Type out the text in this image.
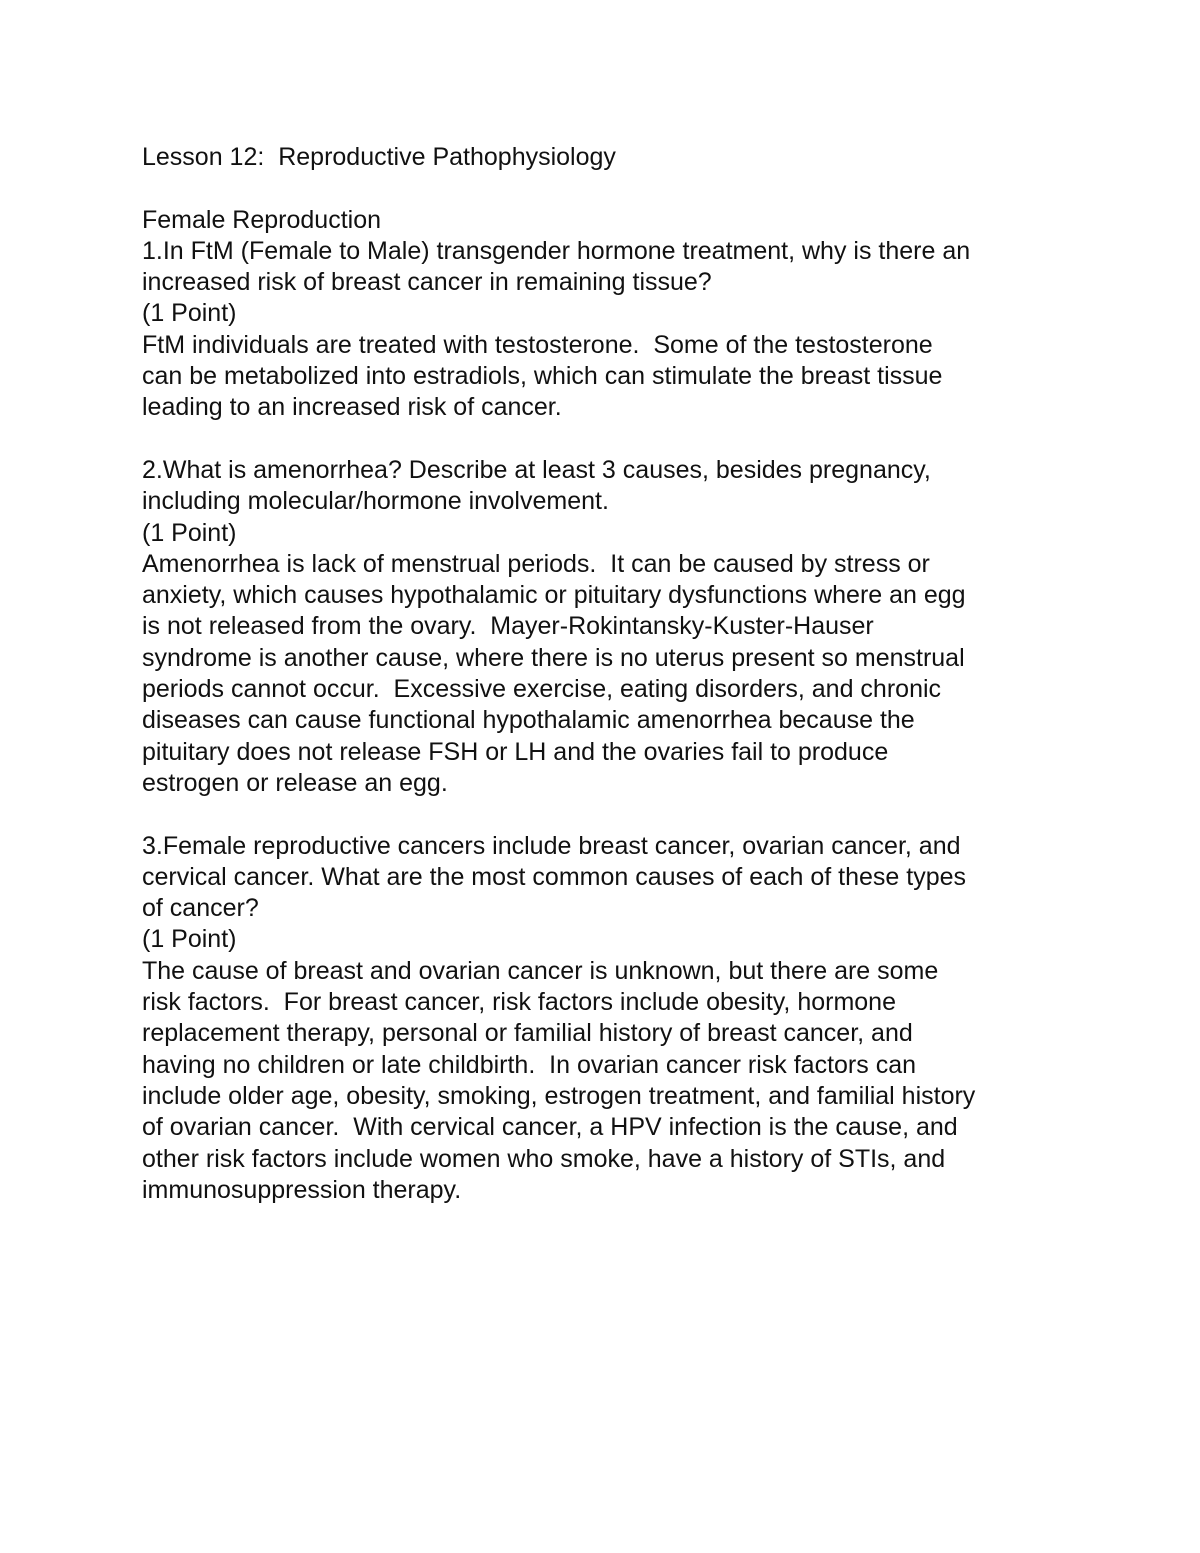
Lesson 12:  Reproductive Pathophysiology
Female Reproduction
1.In FtM (Female to Male) transgender hormone treatment, why is there an
increased risk of breast cancer in remaining tissue?
(1 Point)
FtM individuals are treated with testosterone.  Some of the testosterone
can be metabolized into estradiols, which can stimulate the breast tissue
leading to an increased risk of cancer.
2.What is amenorrhea? Describe at least 3 causes, besides pregnancy,
including molecular/hormone involvement.
(1 Point)
Amenorrhea is lack of menstrual periods.  It can be caused by stress or
anxiety, which causes hypothalamic or pituitary dysfunctions where an egg
is not released from the ovary.  Mayer-Rokintansky-Kuster-Hauser
syndrome is another cause, where there is no uterus present so menstrual
periods cannot occur.  Excessive exercise, eating disorders, and chronic
diseases can cause functional hypothalamic amenorrhea because the
pituitary does not release FSH or LH and the ovaries fail to produce
estrogen or release an egg.
3.Female reproductive cancers include breast cancer, ovarian cancer, and
cervical cancer. What are the most common causes of each of these types
of cancer?
(1 Point)
The cause of breast and ovarian cancer is unknown, but there are some
risk factors.  For breast cancer, risk factors include obesity, hormone
replacement therapy, personal or familial history of breast cancer, and
having no children or late childbirth.  In ovarian cancer risk factors can
include older age, obesity, smoking, estrogen treatment, and familial history
of ovarian cancer.  With cervical cancer, a HPV infection is the cause, and
other risk factors include women who smoke, have a history of STIs, and
immunosuppression therapy.
